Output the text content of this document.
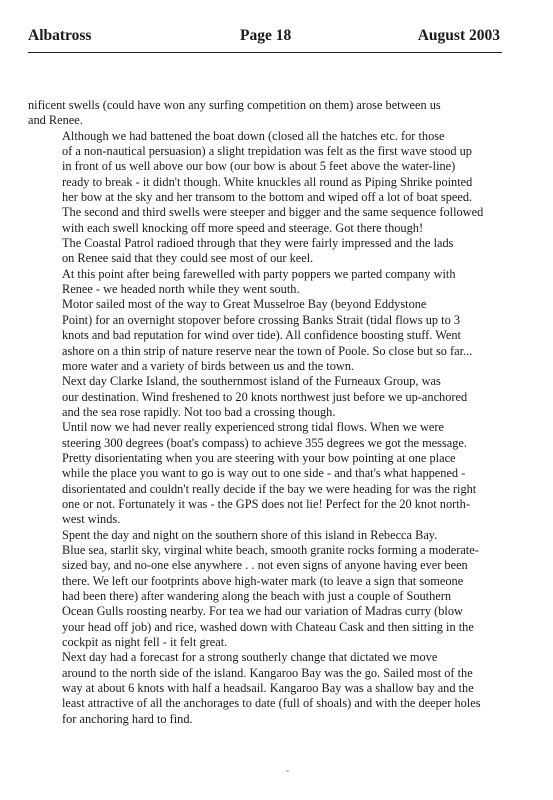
Albatross	Page 18	August 2003

nificent swells (could have won any surfing competition on them) arose between us
and Renee.

Although we had battened the boat down (closed all the hatches etc. for those
of a non-nautical persuasion) a slight trepidation was felt as the first wave stood up
in front of us well above our bow (our bow is about 5 feet above the water-line)
ready to break - it didn't though. White knuckles all round as Piping Shrike pointed
her bow at the sky and her transom to the bottom and wiped off a lot of boat speed.
The second and third swells were steeper and bigger and the same sequence followed
with each swell knocking off more speed and steerage. Got there though!

The Coastal Patrol radioed through that they were fairly impressed and the lads
on Renee said that they could see most of our keel.

At this point after being farewelled with party poppers we parted company with
Renee - we headed north while they went south.

Motor sailed most of the way to Great Musselroe Bay (beyond Eddystone
Point) for an overnight stopover before crossing Banks Strait (tidal flows up to 3
knots and bad reputation for wind over tide). All confidence boosting stuff. Went
ashore on a thin strip of nature reserve near the town of Poole. So close but so far...
more water and a variety of birds between us and the town.

Next day Clarke Island, the southernmost island of the Furneaux Group, was
our destination. Wind freshened to 20 knots northwest just before we up-anchored
and the sea rose rapidly. Not too bad a crossing though.

Until now we had never really experienced strong tidal flows. When we were
steering 300 degrees (boat's compass) to achieve 355 degrees we got the message.
Pretty disorientating when you are steering with your bow pointing at one place
while the place you want to go is way out to one side - and that's what happened -
disorientated and couldn't really decide if the bay we were heading for was the right
one or not. Fortunately it was - the GPS does not lie! Perfect for the 20 knot north-
west winds.

Spent the day and night on the southern shore of this island in Rebecca Bay.
Blue sea, starlit sky, virginal white beach, smooth granite rocks forming a moderate-
sized bay, and no-one else anywhere . . not even signs of anyone having ever been
there. We left our footprints above high-water mark (to leave a sign that someone
had been there) after wandering along the beach with just a couple of Southern
Ocean Gulls roosting nearby. For tea we had our variation of Madras curry (blow
your head off job) and rice, washed down with Chateau Cask and then sitting in the
cockpit as night fell - it felt great.

Next day had a forecast for a strong southerly change that dictated we move
around to the north side of the island. Kangaroo Bay was the go. Sailed most of the
way at about 6 knots with half a headsail. Kangaroo Bay was a shallow bay and the
least attractive of all the anchorages to date (full of shoals) and with the deeper holes
for anchoring hard to find.
